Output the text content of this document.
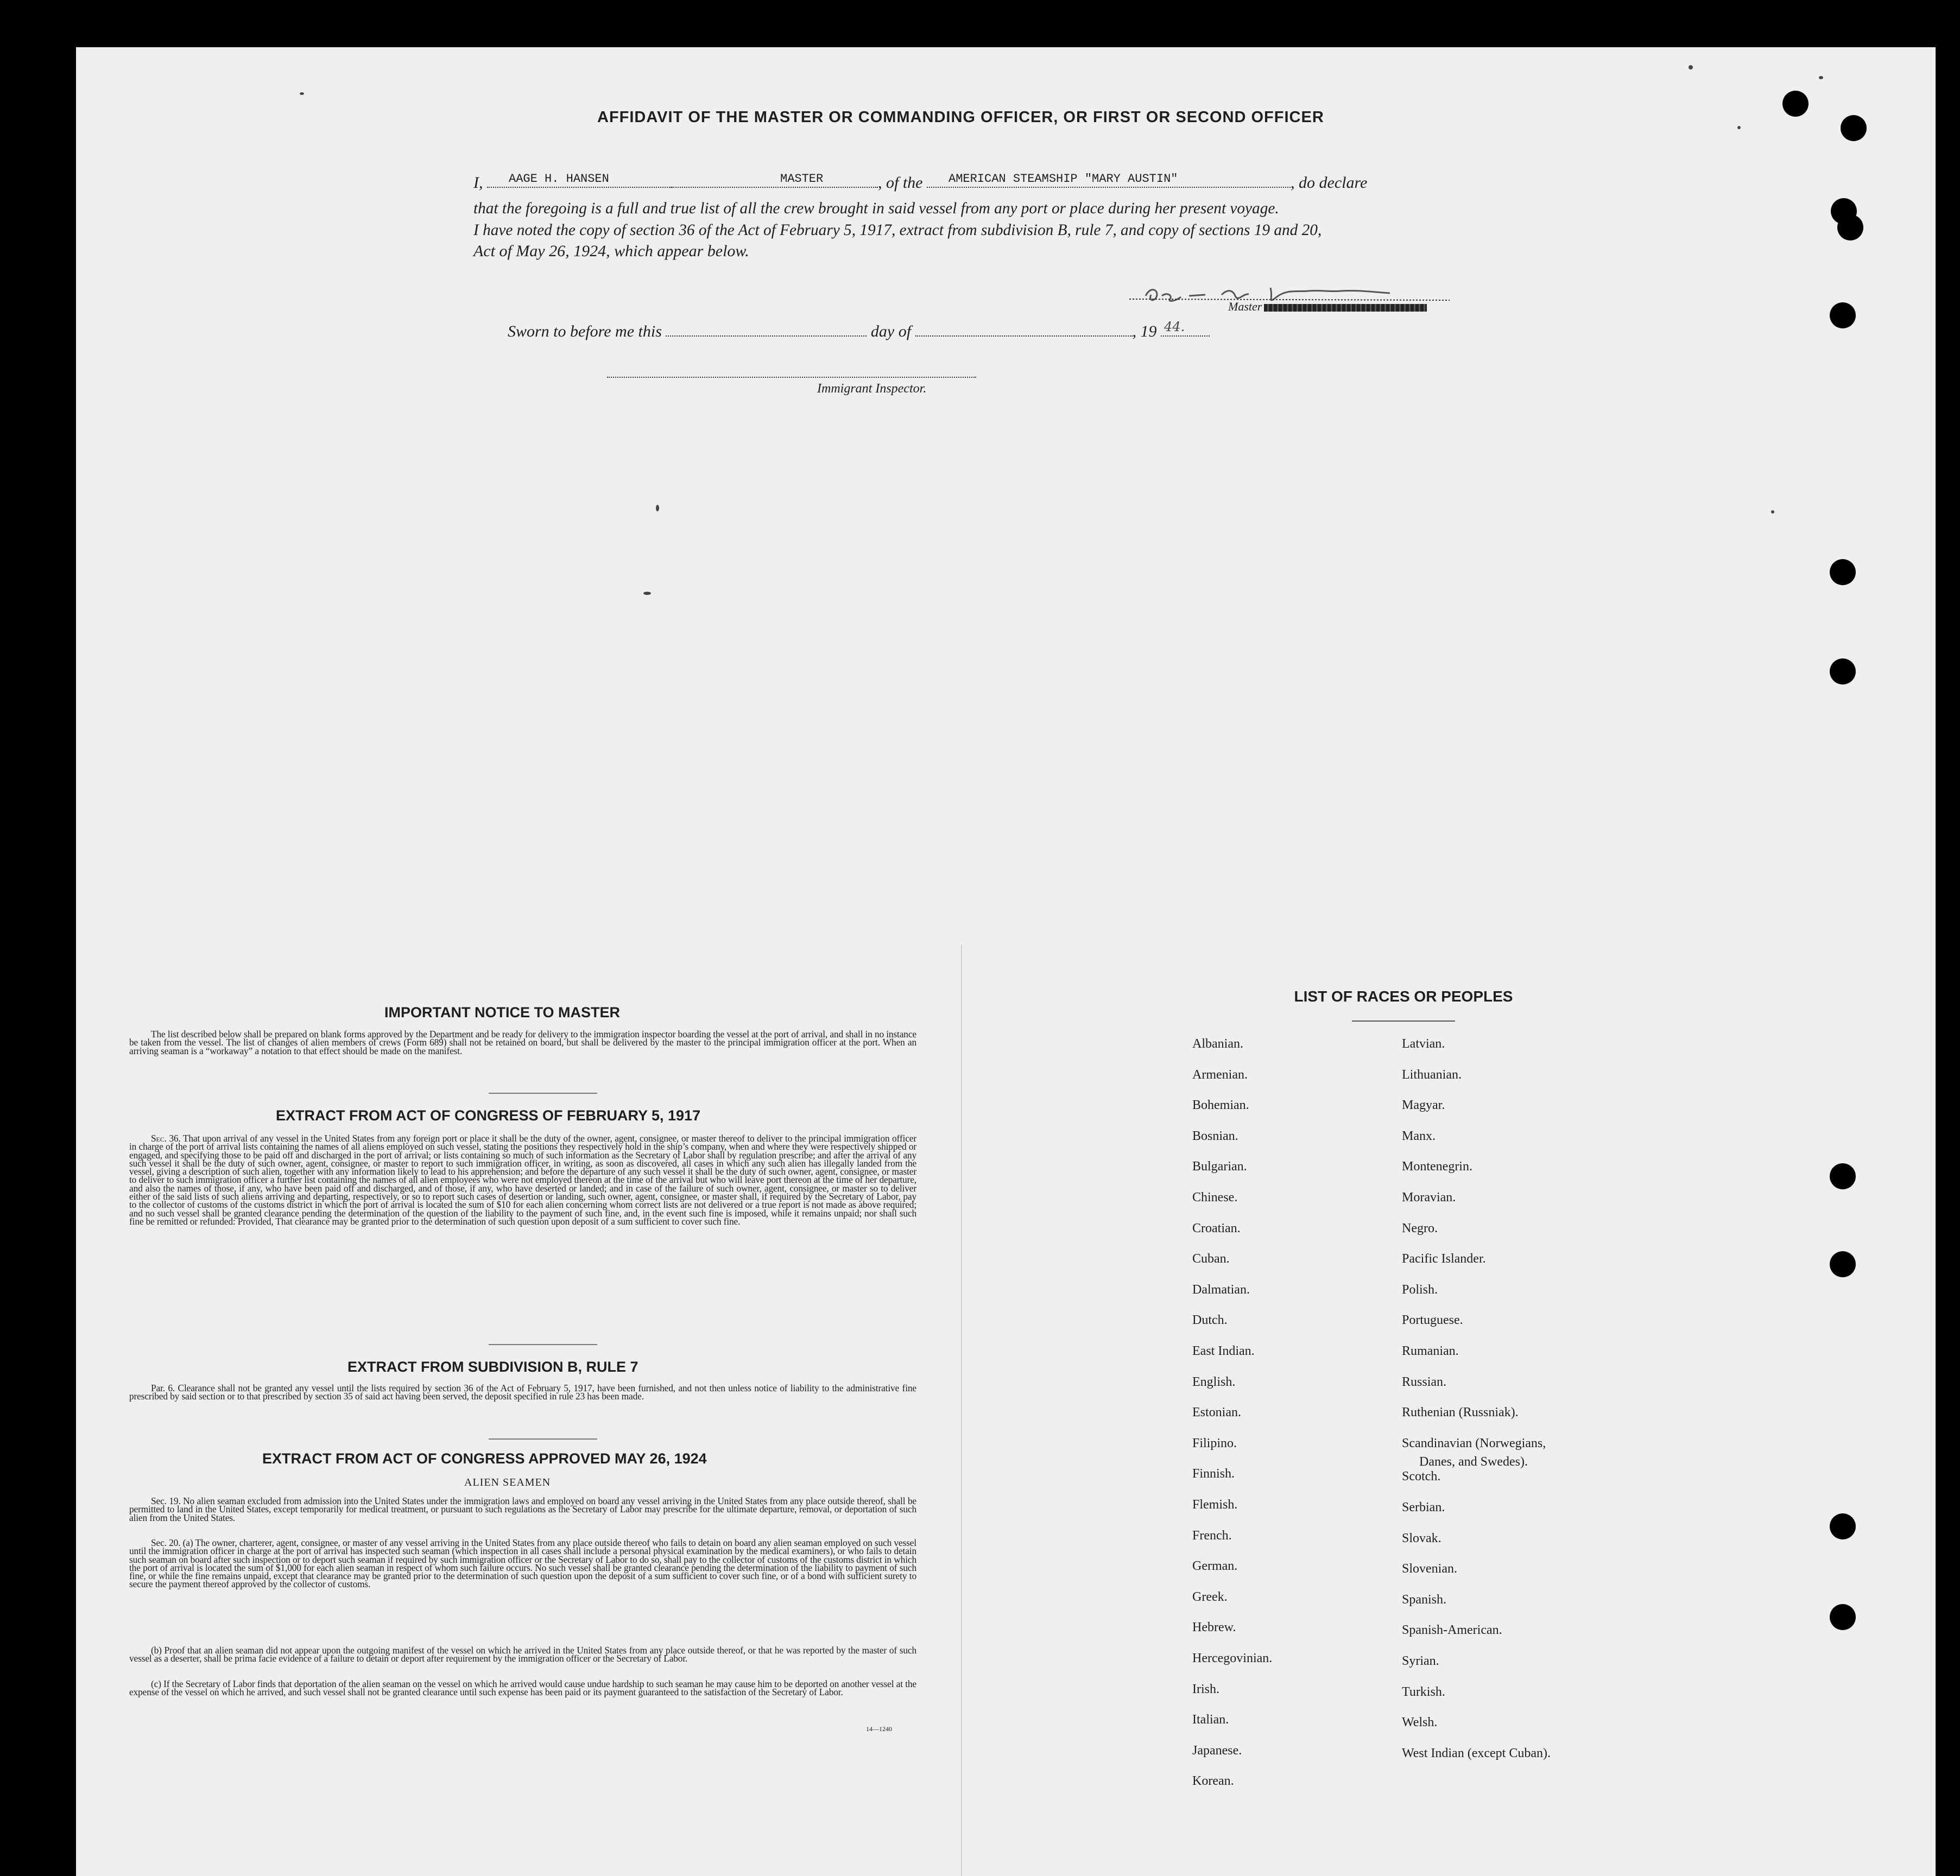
AFFIDAVIT OF THE MASTER OR COMMANDING OFFICER, OR FIRST OR SECOND OFFICER
I, AAGE H. HANSEN	MASTER	, of the AMERICAN STEAMSHIP "MARY AUSTIN"	, do declare
that the foregoing is a full and true list of all the crew brought in said vessel from any port or place during her present voyage.
I have noted the copy of section 36 of the Act of February 5, 1917, extract from subdivision B, rule 7, and copy of sections 19 and 20,
Act of May 26, 1924, which appear below.
Master
Sworn to before me this	day of	, 19 44.
Immigrant Inspector.
IMPORTANT NOTICE TO MASTER
The list described below shall be prepared on blank forms approved by the Department and be ready for delivery to the immigration inspector boarding the vessel at the port of arrival, and shall in no instance be taken from the vessel. The list of changes of alien members of crews (Form 689) shall not be retained on board, but shall be delivered by the master to the principal immigration officer at the port. When an arriving seaman is a “workaway” a notation to that effect should be made on the manifest.
EXTRACT FROM ACT OF CONGRESS OF FEBRUARY 5, 1917
Sec. 36. That upon arrival of any vessel in the United States from any foreign port or place it shall be the duty of the owner, agent, consignee, or master thereof to deliver to the principal immigration officer in charge of the port of arrival lists containing the names of all aliens employed on such vessel, stating the positions they respectively hold in the ship’s company, when and where they were respectively shipped or engaged, and specifying those to be paid off and discharged in the port of arrival; or lists containing so much of such information as the Secretary of Labor shall by regulation prescribe; and after the arrival of any such vessel it shall be the duty of such owner, agent, consignee, or master to report to such immigration officer, in writing, as soon as discovered, all cases in which any such alien has illegally landed from the vessel, giving a description of such alien, together with any information likely to lead to his apprehension; and before the departure of any such vessel it shall be the duty of such owner, agent, consignee, or master to deliver to such immigration officer a further list containing the names of all alien employees who were not employed thereon at the time of the arrival but who will leave port thereon at the time of her departure, and also the names of those, if any, who have been paid off and discharged, and of those, if any, who have deserted or landed; and in case of the failure of such owner, agent, consignee, or master so to deliver either of the said lists of such aliens arriving and departing, respectively, or so to report such cases of desertion or landing, such owner, agent, consignee, or master shall, if required by the Secretary of Labor, pay to the collector of customs of the customs district in which the port of arrival is located the sum of $10 for each alien concerning whom correct lists are not delivered or a true report is not made as above required; and no such vessel shall be granted clearance pending the determination of the question of the liability to the payment of such fine, and, in the event such fine is imposed, while it remains unpaid; nor shall such fine be remitted or refunded: Provided, That clearance may be granted prior to the determination of such question upon deposit of a sum sufficient to cover such fine.
EXTRACT FROM SUBDIVISION B, RULE 7
Par. 6. Clearance shall not be granted any vessel until the lists required by section 36 of the Act of February 5, 1917, have been furnished, and not then unless notice of liability to the administrative fine prescribed by said section or to that prescribed by section 35 of said act having been served, the deposit specified in rule 23 has been made.
EXTRACT FROM ACT OF CONGRESS APPROVED MAY 26, 1924
ALIEN SEAMEN
Sec. 19. No alien seaman excluded from admission into the United States under the immigration laws and employed on board any vessel arriving in the United States from any place outside thereof, shall be permitted to land in the United States, except temporarily for medical treatment, or pursuant to such regulations as the Secretary of Labor may prescribe for the ultimate departure, removal, or deportation of such alien from the United States.
Sec. 20. (a) The owner, charterer, agent, consignee, or master of any vessel arriving in the United States from any place outside thereof who fails to detain on board any alien seaman employed on such vessel until the immigration officer in charge at the port of arrival has inspected such seaman (which inspection in all cases shall include a personal physical examination by the medical examiners), or who fails to detain such seaman on board after such inspection or to deport such seaman if required by such immigration officer or the Secretary of Labor to do so, shall pay to the collector of customs of the customs district in which the port of arrival is located the sum of $1,000 for each alien seaman in respect of whom such failure occurs. No such vessel shall be granted clearance pending the determination of the liability to payment of such fine, or while the fine remains unpaid, except that clearance may be granted prior to the determination of such question upon the deposit of a sum sufficient to cover such fine, or of a bond with sufficient surety to secure the payment thereof approved by the collector of customs.
(b) Proof that an alien seaman did not appear upon the outgoing manifest of the vessel on which he arrived in the United States from any place outside thereof, or that he was reported by the master of such vessel as a deserter, shall be prima facie evidence of a failure to detain or deport after requirement by the immigration officer or the Secretary of Labor.
(c) If the Secretary of Labor finds that deportation of the alien seaman on the vessel on which he arrived would cause undue hardship to such seaman he may cause him to be deported on another vessel at the expense of the vessel on which he arrived, and such vessel shall not be granted clearance until such expense has been paid or its payment guaranteed to the satisfaction of the Secretary of Labor.
14—1240
LIST OF RACES OR PEOPLES
Albanian.
Armenian.
Bohemian.
Bosnian.
Bulgarian.
Chinese.
Croatian.
Cuban.
Dalmatian.
Dutch.
East Indian.
English.
Estonian.
Filipino.
Finnish.
Flemish.
French.
German.
Greek.
Hebrew.
Hercegovinian.
Irish.
Italian.
Japanese.
Korean.
Latvian.
Lithuanian.
Magyar.
Manx.
Montenegrin.
Moravian.
Negro.
Pacific Islander.
Polish.
Portuguese.
Rumanian.
Russian.
Ruthenian (Russniak).
Scandinavian (Norwegians,
Danes, and Swedes).
Scotch.
Serbian.
Slovak.
Slovenian.
Spanish.
Spanish-American.
Syrian.
Turkish.
Welsh.
West Indian (except Cuban).
